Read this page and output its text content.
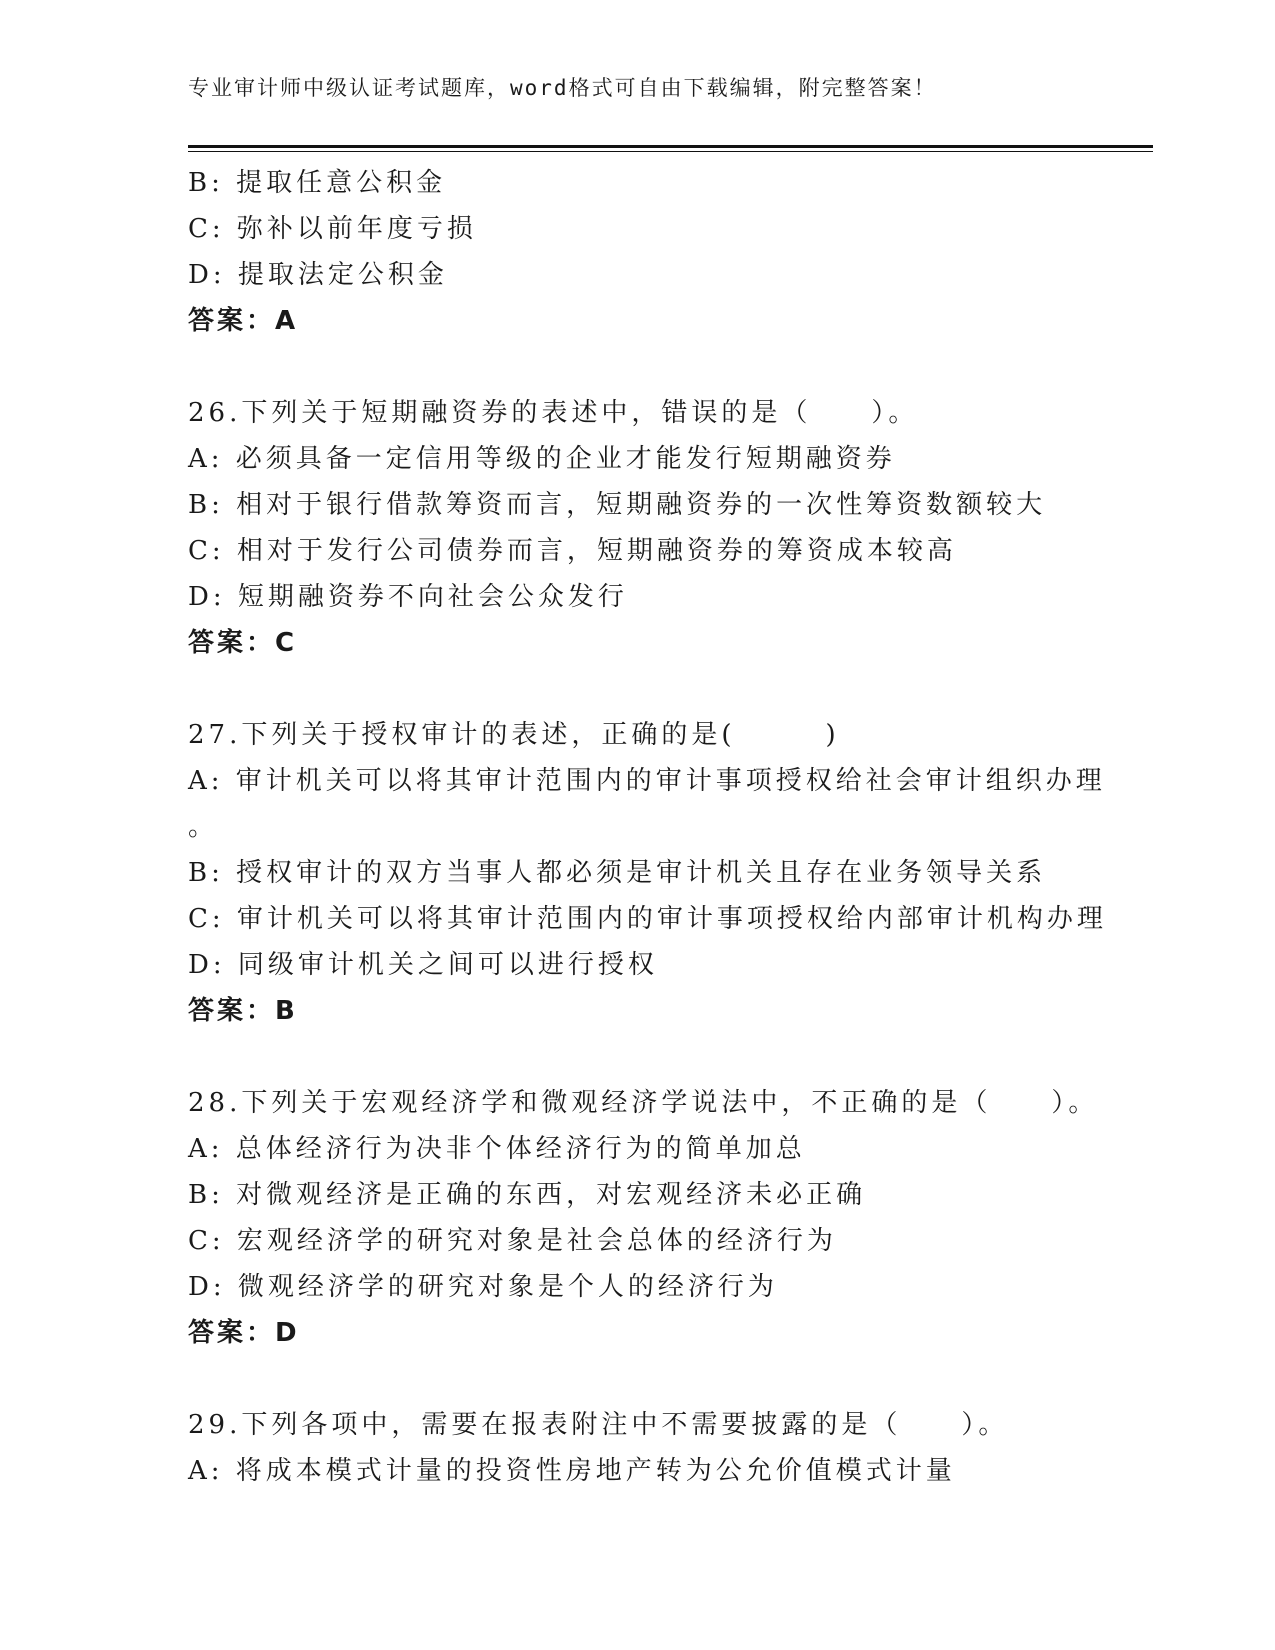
专业审计师中级认证考试题库，word格式可自由下载编辑，附完整答案！
B: 提取任意公积金
C: 弥补以前年度亏损
D: 提取法定公积金
答案：A
26.下列关于短期融资券的表述中，错误的是（　　）。
A: 必须具备一定信用等级的企业才能发行短期融资券
B: 相对于银行借款筹资而言，短期融资券的一次性筹资数额较大
C: 相对于发行公司债券而言，短期融资券的筹资成本较高
D: 短期融资券不向社会公众发行
答案：C
27.下列关于授权审计的表述，正确的是(　　　)
A: 审计机关可以将其审计范围内的审计事项授权给社会审计组织办理
。
B: 授权审计的双方当事人都必须是审计机关且存在业务领导关系
C: 审计机关可以将其审计范围内的审计事项授权给内部审计机构办理
D: 同级审计机关之间可以进行授权
答案：B
28.下列关于宏观经济学和微观经济学说法中，不正确的是（　　）。
A: 总体经济行为决非个体经济行为的简单加总
B: 对微观经济是正确的东西，对宏观经济未必正确
C: 宏观经济学的研究对象是社会总体的经济行为
D: 微观经济学的研究对象是个人的经济行为
答案：D
29.下列各项中，需要在报表附注中不需要披露的是（　　）。
A: 将成本模式计量的投资性房地产转为公允价值模式计量
